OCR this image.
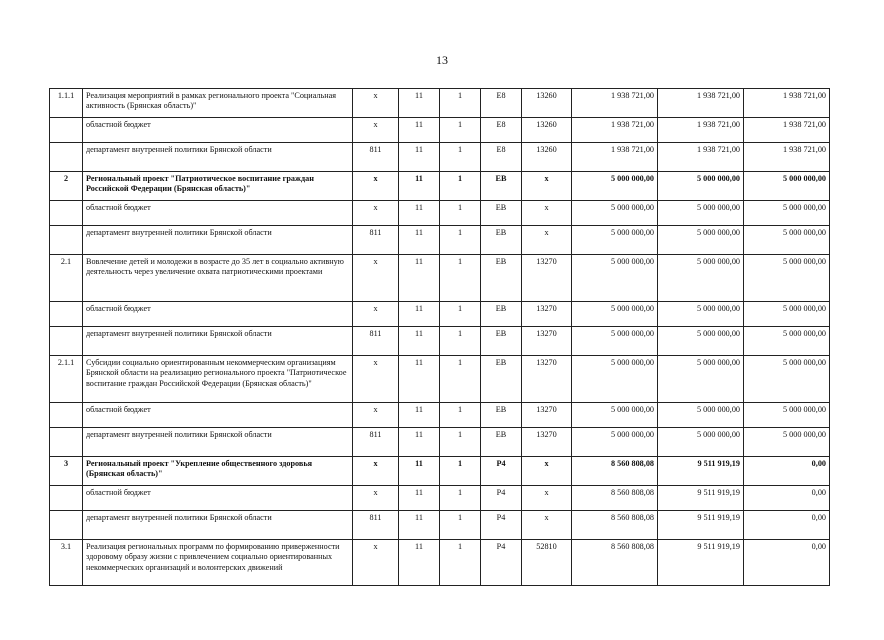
13
1.1.1	Реализация мероприятий в рамках регионального проекта "Социальная активность (Брянская область)"	x	11	1	E8	13260	1 938 721,00	1 938 721,00	1 938 721,00
	областной бюджет	x	11	1	E8	13260	1 938 721,00	1 938 721,00	1 938 721,00
	департамент внутренней политики Брянской области	811	11	1	E8	13260	1 938 721,00	1 938 721,00	1 938 721,00
2	Региональный проект "Патриотическое воспитание граждан Российской Федерации (Брянская область)"	x	11	1	EB	x	5 000 000,00	5 000 000,00	5 000 000,00
	областной бюджет	x	11	1	EB	x	5 000 000,00	5 000 000,00	5 000 000,00
	департамент внутренней политики Брянской области	811	11	1	EB	x	5 000 000,00	5 000 000,00	5 000 000,00
2.1	Вовлечение детей и молодежи в возрасте до 35 лет в социально активную деятельность через увеличение охвата патриотическими проектами	x	11	1	EB	13270	5 000 000,00	5 000 000,00	5 000 000,00
	областной бюджет	x	11	1	EB	13270	5 000 000,00	5 000 000,00	5 000 000,00
	департамент внутренней политики Брянской области	811	11	1	EB	13270	5 000 000,00	5 000 000,00	5 000 000,00
2.1.1	Субсидии социально ориентированным некоммерческим организациям Брянской области на реализацию регионального проекта "Патриотическое воспитание граждан Российской Федерации (Брянская область)"	x	11	1	EB	13270	5 000 000,00	5 000 000,00	5 000 000,00
	областной бюджет	x	11	1	EB	13270	5 000 000,00	5 000 000,00	5 000 000,00
	департамент внутренней политики Брянской области	811	11	1	EB	13270	5 000 000,00	5 000 000,00	5 000 000,00
3	Региональный проект "Укрепление общественного здоровья (Брянская область)"	x	11	1	P4	x	8 560 808,08	9 511 919,19	0,00
	областной бюджет	x	11	1	P4	x	8 560 808,08	9 511 919,19	0,00
	департамент внутренней политики Брянской области	811	11	1	P4	x	8 560 808,08	9 511 919,19	0,00
3.1	Реализация региональных программ по формированию приверженности здоровому образу жизни с привлечением социально ориентированных некоммерческих организаций и волонтерских движений	x	11	1	P4	52810	8 560 808,08	9 511 919,19	0,00
